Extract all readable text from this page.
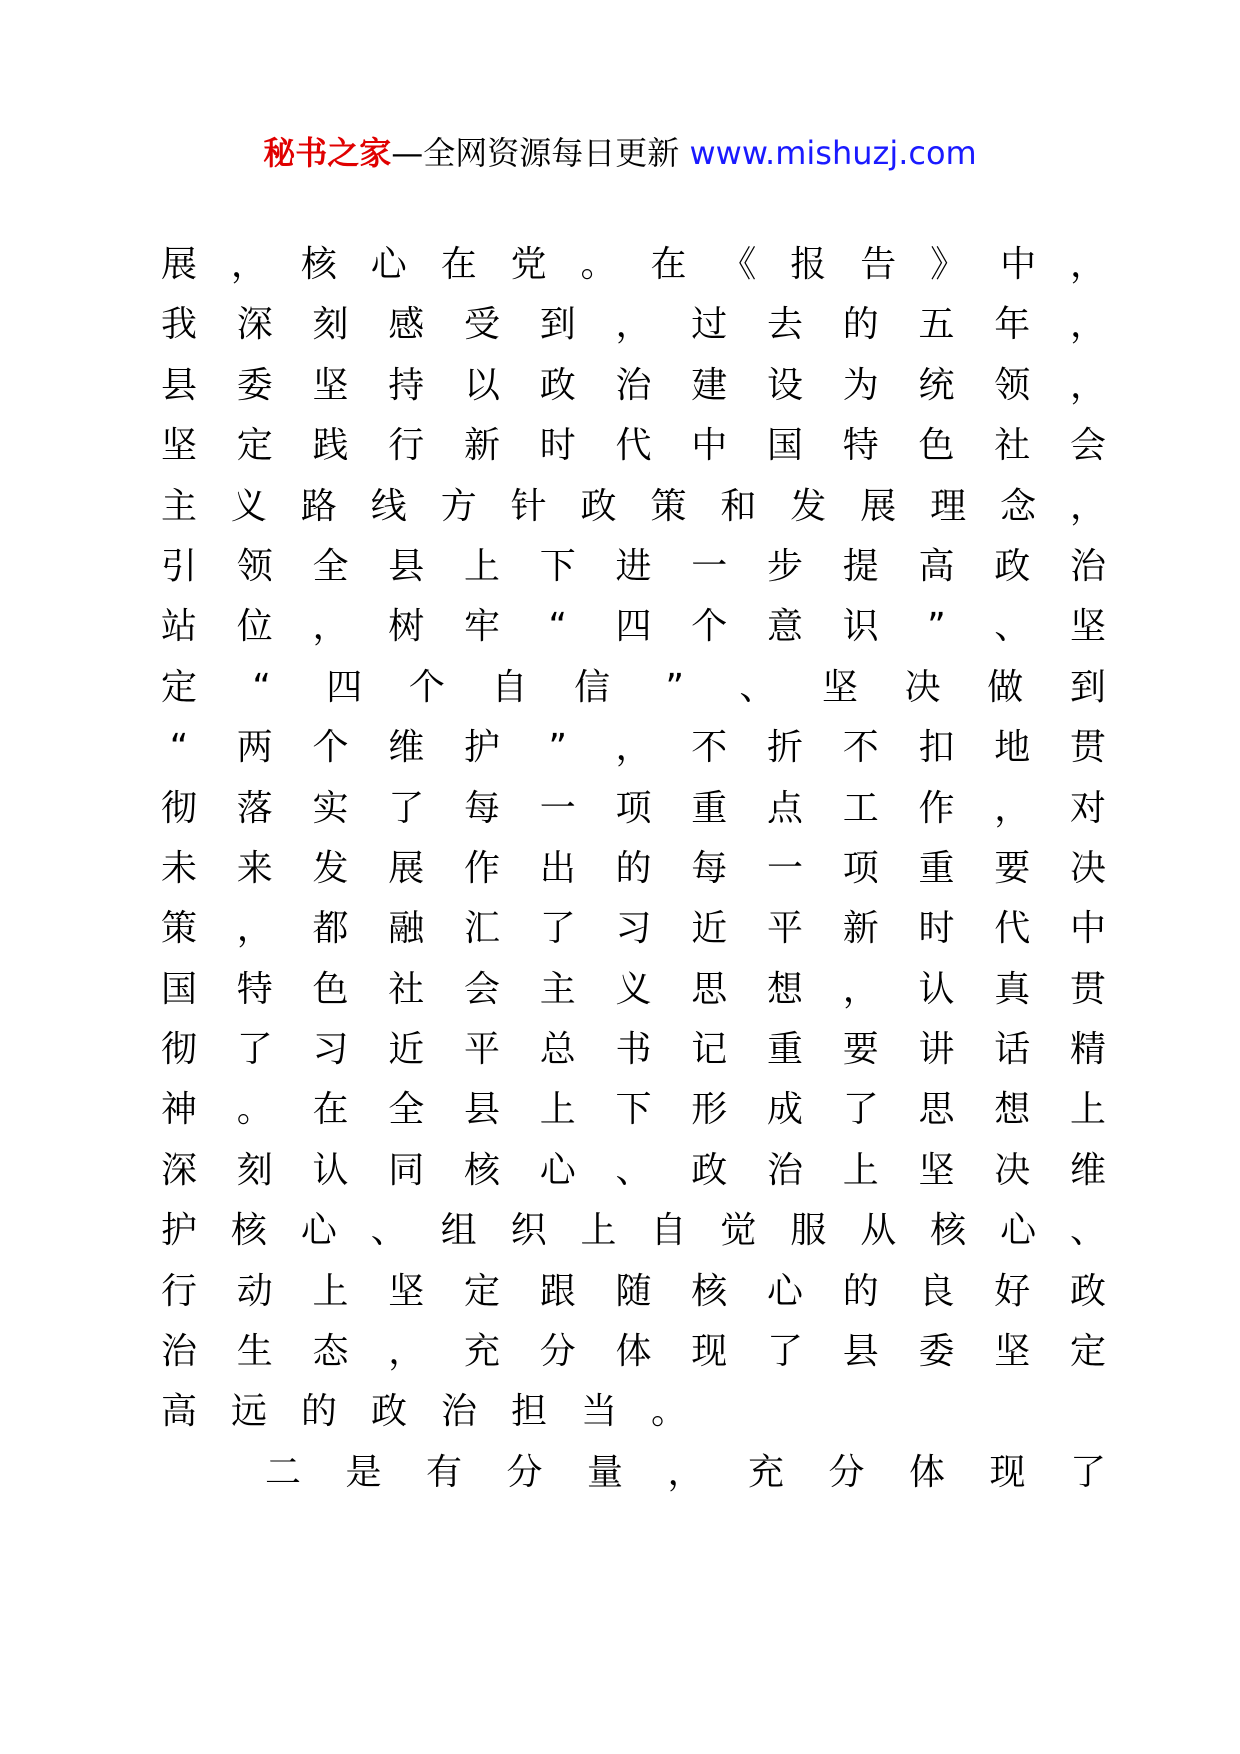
秘书之家—全网资源每日更新 www.mishuzj.com
展 ， 核 心 在 党 。 在 《 报 告 》 中 ，
我 深 刻 感 受 到 ， 过 去 的 五 年 ，
县 委 坚 持 以 政 治 建 设 为 统 领 ，
坚 定 践 行 新 时 代 中 国 特 色 社 会
主 义 路 线 方 针 政 策 和 发 展 理 念 ，
引 领 全 县 上 下 进 一 步 提 高 政 治
站 位 ， 树 牢 “ 四 个 意 识 ” 、 坚
定 “ 四 个 自 信 ” 、 坚 决 做 到
“ 两 个 维 护 ” ， 不 折 不 扣 地 贯
彻 落 实 了 每 一 项 重 点 工 作 ， 对
未 来 发 展 作 出 的 每 一 项 重 要 决
策 ， 都 融 汇 了 习 近 平 新 时 代 中
国 特 色 社 会 主 义 思 想 ， 认 真 贯
彻 了 习 近 平 总 书 记 重 要 讲 话 精
神 。 在 全 县 上 下 形 成 了 思 想 上
深 刻 认 同 核 心 、 政 治 上 坚 决 维
护 核 心 、 组 织 上 自 觉 服 从 核 心 、
行 动 上 坚 定 跟 随 核 心 的 良 好 政
治 生 态 ， 充 分 体 现 了 县 委 坚 定
高 远 的 政 治 担 当 。
二 是 有 分 量 ， 充 分 体 现 了
